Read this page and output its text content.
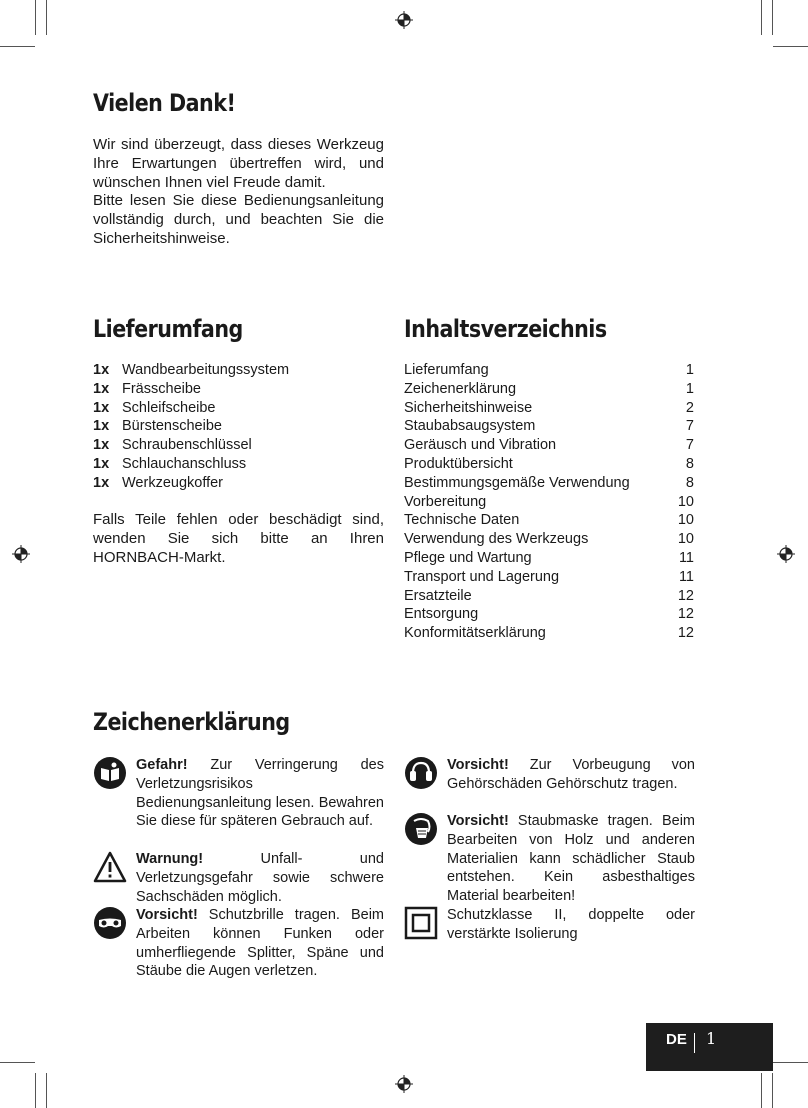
Vielen Dank!

Wir sind überzeugt, dass dieses Werkzeug Ihre Erwartungen übertreffen wird, und wünschen Ihnen viel Freude damit.

Bitte lesen Sie diese Bedienungsanleitung vollständig durch, und beachten Sie die Sicherheitshinweise.

Lieferumfang
1x Wandbearbeitungssystem
1x Frässcheibe
1x Schleifscheibe
1x Bürstenscheibe
1x Schraubenschlüssel
1x Schlauchanschluss
1x Werkzeugkoffer
Falls Teile fehlen oder beschädigt sind, wenden Sie sich bitte an Ihren HORNBACH-Markt.
Inhaltsverzeichnis
Lieferumfang	1
Zeichenerklärung	1
Sicherheitshinweise	2
Staubabsaugsystem	7
Geräusch und Vibration	7
Produktübersicht	8
Bestimmungsgemäße Verwendung	8
Vorbereitung	10
Technische Daten	10
Verwendung des Werkzeugs	10
Pflege und Wartung	11
Transport und Lagerung	11
Ersatzteile	12
Entsorgung	12
Konformitätserklärung	12
Zeichenerklärung
Gefahr! Zur Verringerung des Verletzungsrisikos Bedienungsanleitung lesen. Bewahren Sie diese für späteren Gebrauch auf.
Warnung! Unfall- und Verletzungsgefahr sowie schwere Sachschäden möglich.
Vorsicht! Schutzbrille tragen. Beim Arbeiten können Funken oder umherfliegende Splitter, Späne und Stäube die Augen verletzen.
Vorsicht! Zur Vorbeugung von Gehörschäden Gehörschutz tragen.
Vorsicht! Staubmaske tragen. Beim Bearbeiten von Holz und anderen Materialien kann schädlicher Staub entstehen. Kein asbesthaltiges Material bearbeiten!
Schutzklasse II, doppelte oder verstärkte Isolierung
DE 1
